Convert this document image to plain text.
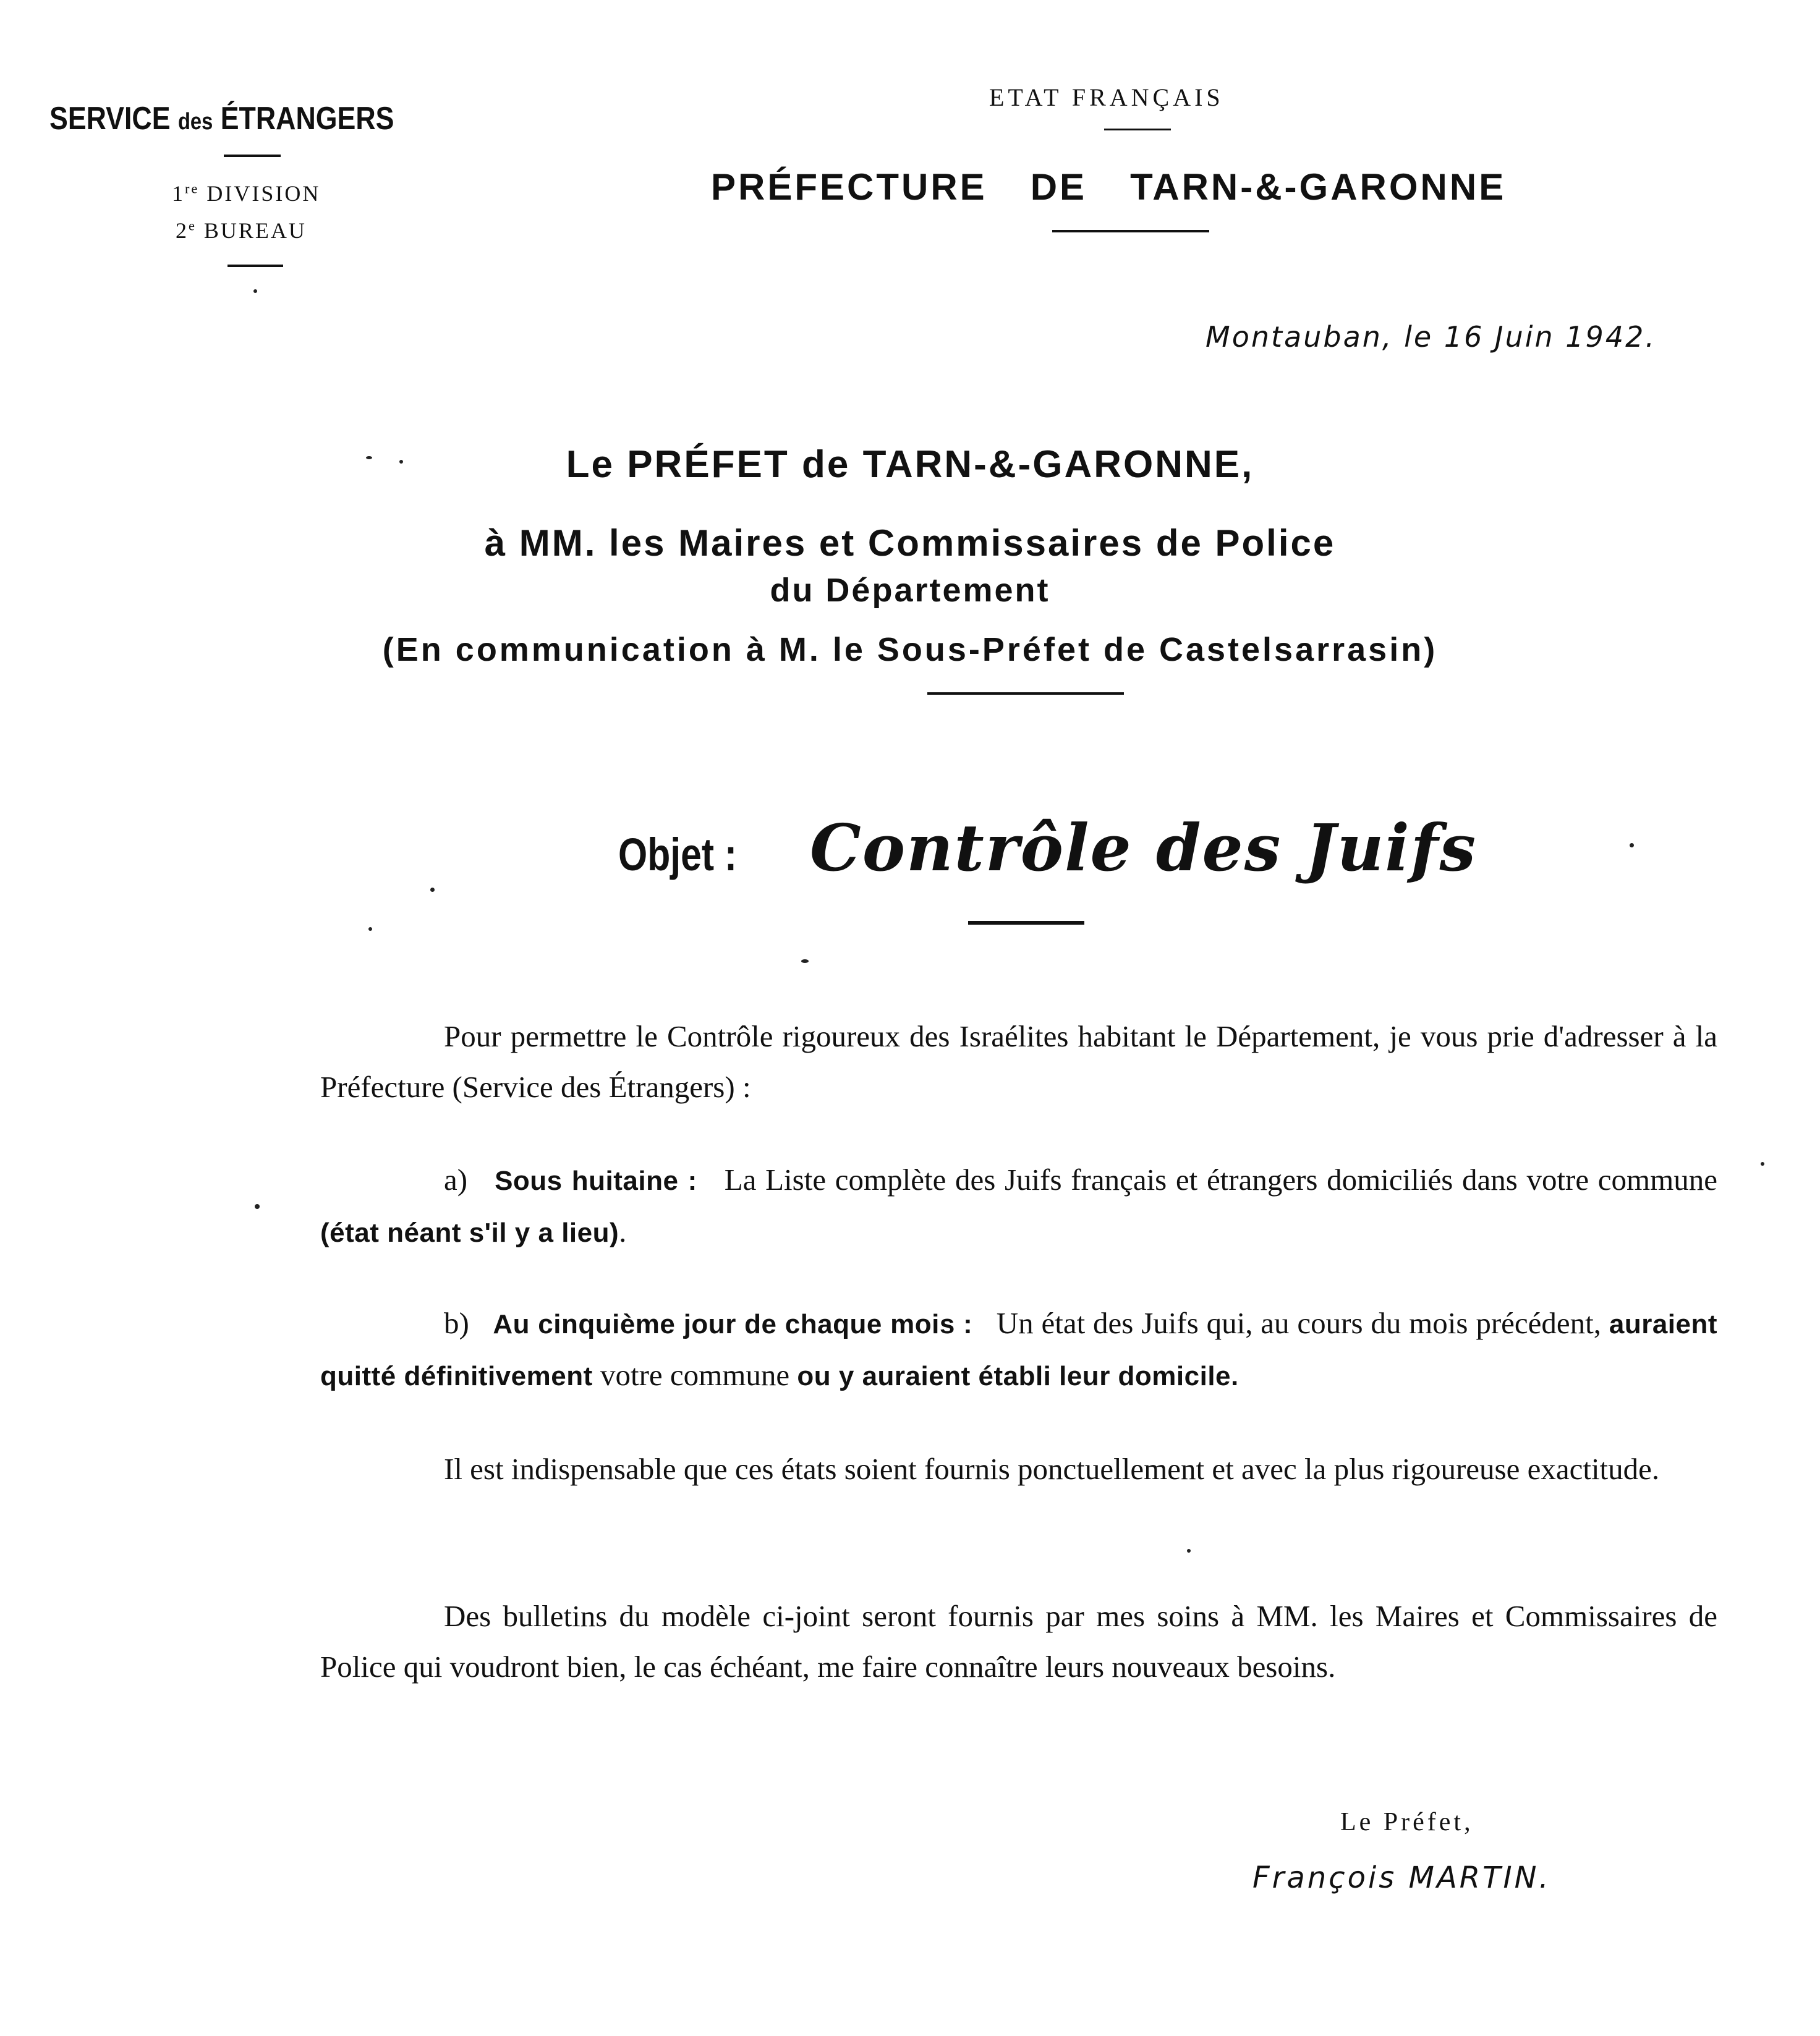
SERVICE des ÉTRANGERS
1re DIVISION
2e BUREAU
ETAT FRANÇAIS
PRÉFECTURE DE TARN-&-GARONNE
Montauban, le 16 Juin 1942.
Le PRÉFET de TARN-&-GARONNE,
à MM. les Maires et Commissaires de Police
du Département
(En communication à M. le Sous-Préfet de Castelsarrasin)
Objet : Contrôle des Juifs
Pour permettre le Contrôle rigoureux des Israélites habitant le Département, je vous prie d'adresser à la Préfecture (Service des Étrangers) :
a) Sous huitaine : La Liste complète des Juifs français et étrangers domiciliés dans votre commune (état néant s'il y a lieu).
b) Au cinquième jour de chaque mois : Un état des Juifs qui, au cours du mois précédent, auraient quitté définitivement votre commune ou y auraient établi leur domicile.
Il est indispensable que ces états soient fournis ponctuellement et avec la plus rigoureuse exactitude.
Des bulletins du modèle ci-joint seront fournis par mes soins à MM. les Maires et Commissaires de Police qui voudront bien, le cas échéant, me faire connaître leurs nouveaux besoins.
Le Préfet,
François MARTIN.
